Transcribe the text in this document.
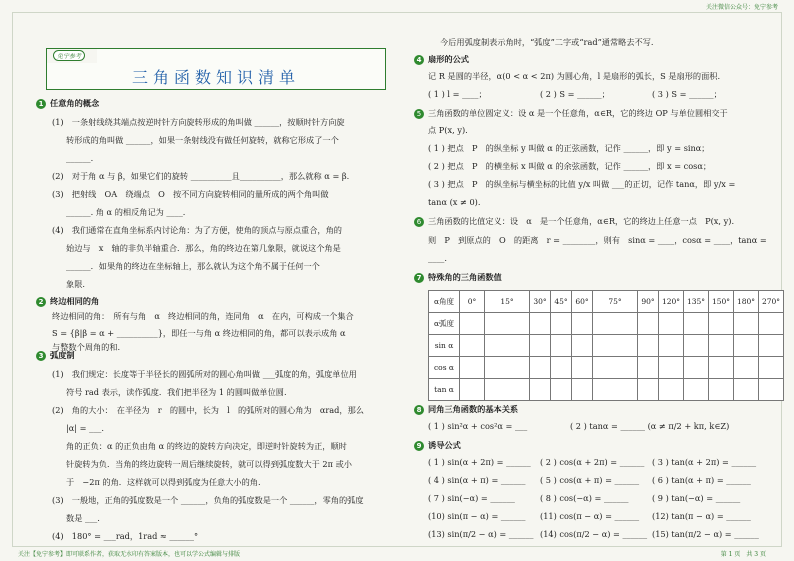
关注微信公众号：免宁参考
免宁参考
三角函数知识清单
1 任意角的概念
(1)　一条射线绕其端点按逆时针方向旋转形成的角叫做 ______，按顺时针方向旋
转形成的角叫做 ______，如果一条射线没有做任何旋转，就称它形成了一个
______.
(2)　对于角 α 与 β，如果它们的旋转 __________且__________，那么就称 α = β.
(3)　把射线　OA　绕端点　O　按不同方向旋转相同的量所成的两个角叫做
______. 角 α 的相反角记为 ____.
(4)　我们通常在直角坐标系内讨论角：为了方便，使角的顶点与原点重合，角的
始边与　x　轴的非负半轴重合．那么，角的终边在第几象限，就说这个角是
______．如果角的终边在坐标轴上，那么就认为这个角不属于任何一个
象限.
2 终边相同的角
S = {β|β = α + __________}，即任一与角 α 终边相同的角，都可以表示成角 α
与整数个周角的和.
3 弧度制
(1)　我们规定：长度等于半径长的圆弧所对的圆心角叫做 ___弧度的角，弧度单位用
符号 rad 表示，读作弧度．我们把半径为 1 的圆叫做单位圆.
(2)　角的大小：　在半径为　r　的圆中，长为　l　的弧所对的圆心角为　αrad，那么
|α| = ___.
角的正负：α 的正负由角 α 的终边的旋转方向决定，即逆时针旋转为正，顺时
针旋转为负．当角的终边旋转一周后继续旋转，就可以得到弧度数大于 2π 或小
于　−2π 的角．这样就可以得到弧度为任意大小的角.
(3)　一般地，正角的弧度数是一个 ______，负角的弧度数是一个 ______，零角的弧度
数是 ___.
(4)　180° = ___rad，1rad ≈ ______°
终边相同的角：　所有与角　α　终边相同的角，连同角　α　在内，可构成一个集合
今后用弧度制表示角时，“弧度”二字或“rad”通常略去不写.
4 扇形的公式
记 R 是圆的半径，α(0 < α < 2π) 为圆心角，l 是扇形的弧长，S 是扇形的面积.
( 1 ) l = ____；	( 2 ) S = ______；	( 3 ) S = ______；
5 三角函数的单位圆定义：设 α 是一个任意角，α∈R，它的终边 OP 与单位圆相交于
点 P(x, y).
( 1 ) 把点　P　的纵坐标 y 叫做 α 的正弦函数，记作 ______，即 y = sinα；
( 2 ) 把点　P　的横坐标 x 叫做 α 的余弦函数，记作 ______，即 x = cosα；
( 3 ) 把点　P　的纵坐标与横坐标的比值 y/x 叫做 ___的正切，记作 tanα，即 y/x =
tanα (x ≠ 0).
6 三角函数的比值定义：设　α　是一个任意角，α∈R，它的终边上任意一点　P(x, y).
则　P　到原点的　O　的距离　r = ________，则有　sinα = ____，cosα = ____，tanα =
____.
7 特殊角的三角函数值
α角度	0°	15°	30°	45°	60°	75°	90°	120°	135°	150°	180°	270°
α弧度												
sin α												
cos α												
tan α												
8 同角三角函数的基本关系
( 1 ) sin²α + cos²α = ___	( 2 ) tanα = ______ (α ≠ π/2 + kπ, k∈Z)
9 诱导公式
( 1 ) sin(α + 2π) = ______ ( 2 ) cos(α + 2π) = ______ ( 3 ) tan(α + 2π) = ______
( 4 ) sin(α + π) = ______ ( 5 ) cos(α + π) = ______ ( 6 ) tan(α + π) = ______
( 7 ) sin(−α) = ______	( 8 ) cos(−α) = ______	( 9 ) tan(−α) = ______
(10) sin(π − α) = ______ (11) cos(π − α) = ______ (12) tan(π − α) = ______
(13) sin(π/2 − α) = ______ (14) cos(π/2 − α) = ______ (15) tan(π/2 − α) = ______
关注【免宁参考】即可联系作者，获取无水印有答案版本，也可以学公式编辑与排版	第 1 页　共 3 页
